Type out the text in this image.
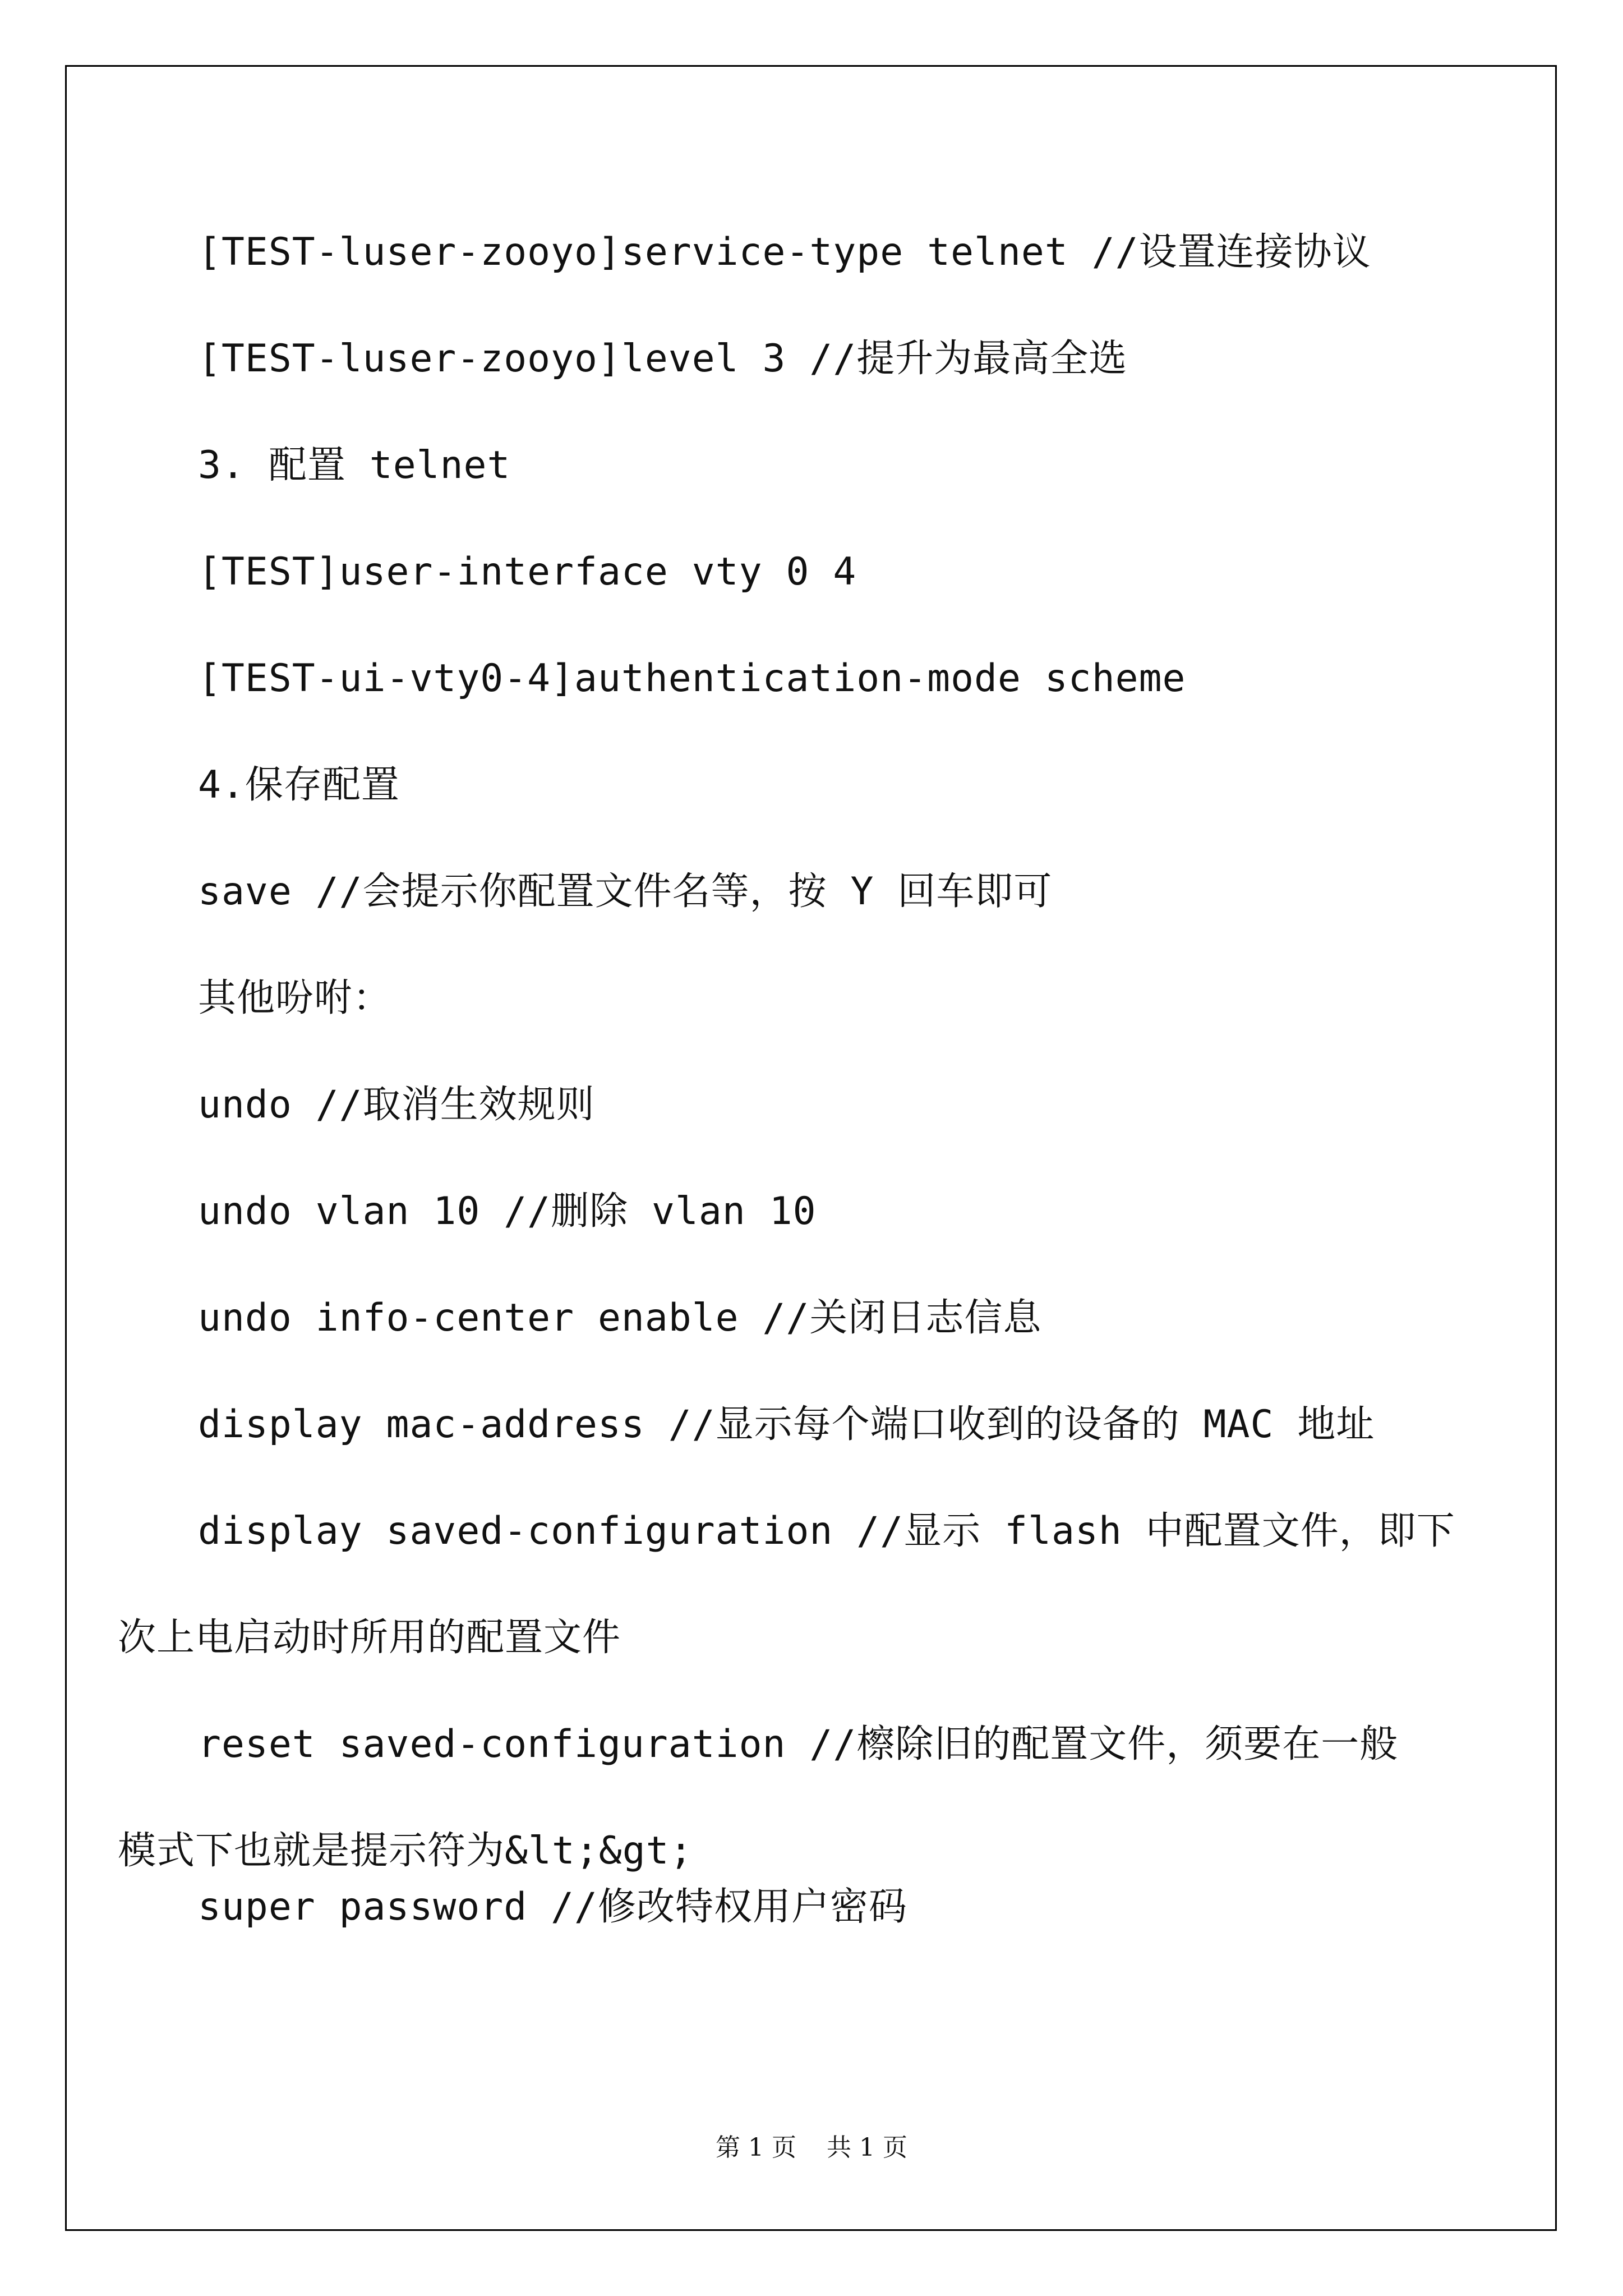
[TEST-luser-zooyo]service-type telnet //设置连接协议

[TEST-luser-zooyo]level 3 //提升为最高全选

3. 配置 telnet

[TEST]user-interface vty 0 4

[TEST-ui-vty0-4]authentication-mode scheme

4.保存配置

save //会提示你配置文件名等，按 Y 回车即可

其他吩咐：

undo //取消生效规则

undo vlan 10 //删除 vlan 10

undo info-center enable //关闭日志信息

display mac-address //显示每个端口收到的设备的 MAC 地址

display saved-configuration //显示 flash 中配置文件，即下
次上电启动时所用的配置文件
reset saved-configuration //檫除旧的配置文件，须要在一般
模式下也就是提示符为&lt;&gt;

super password //修改特权用户密码

第 1 页 共 1 页
